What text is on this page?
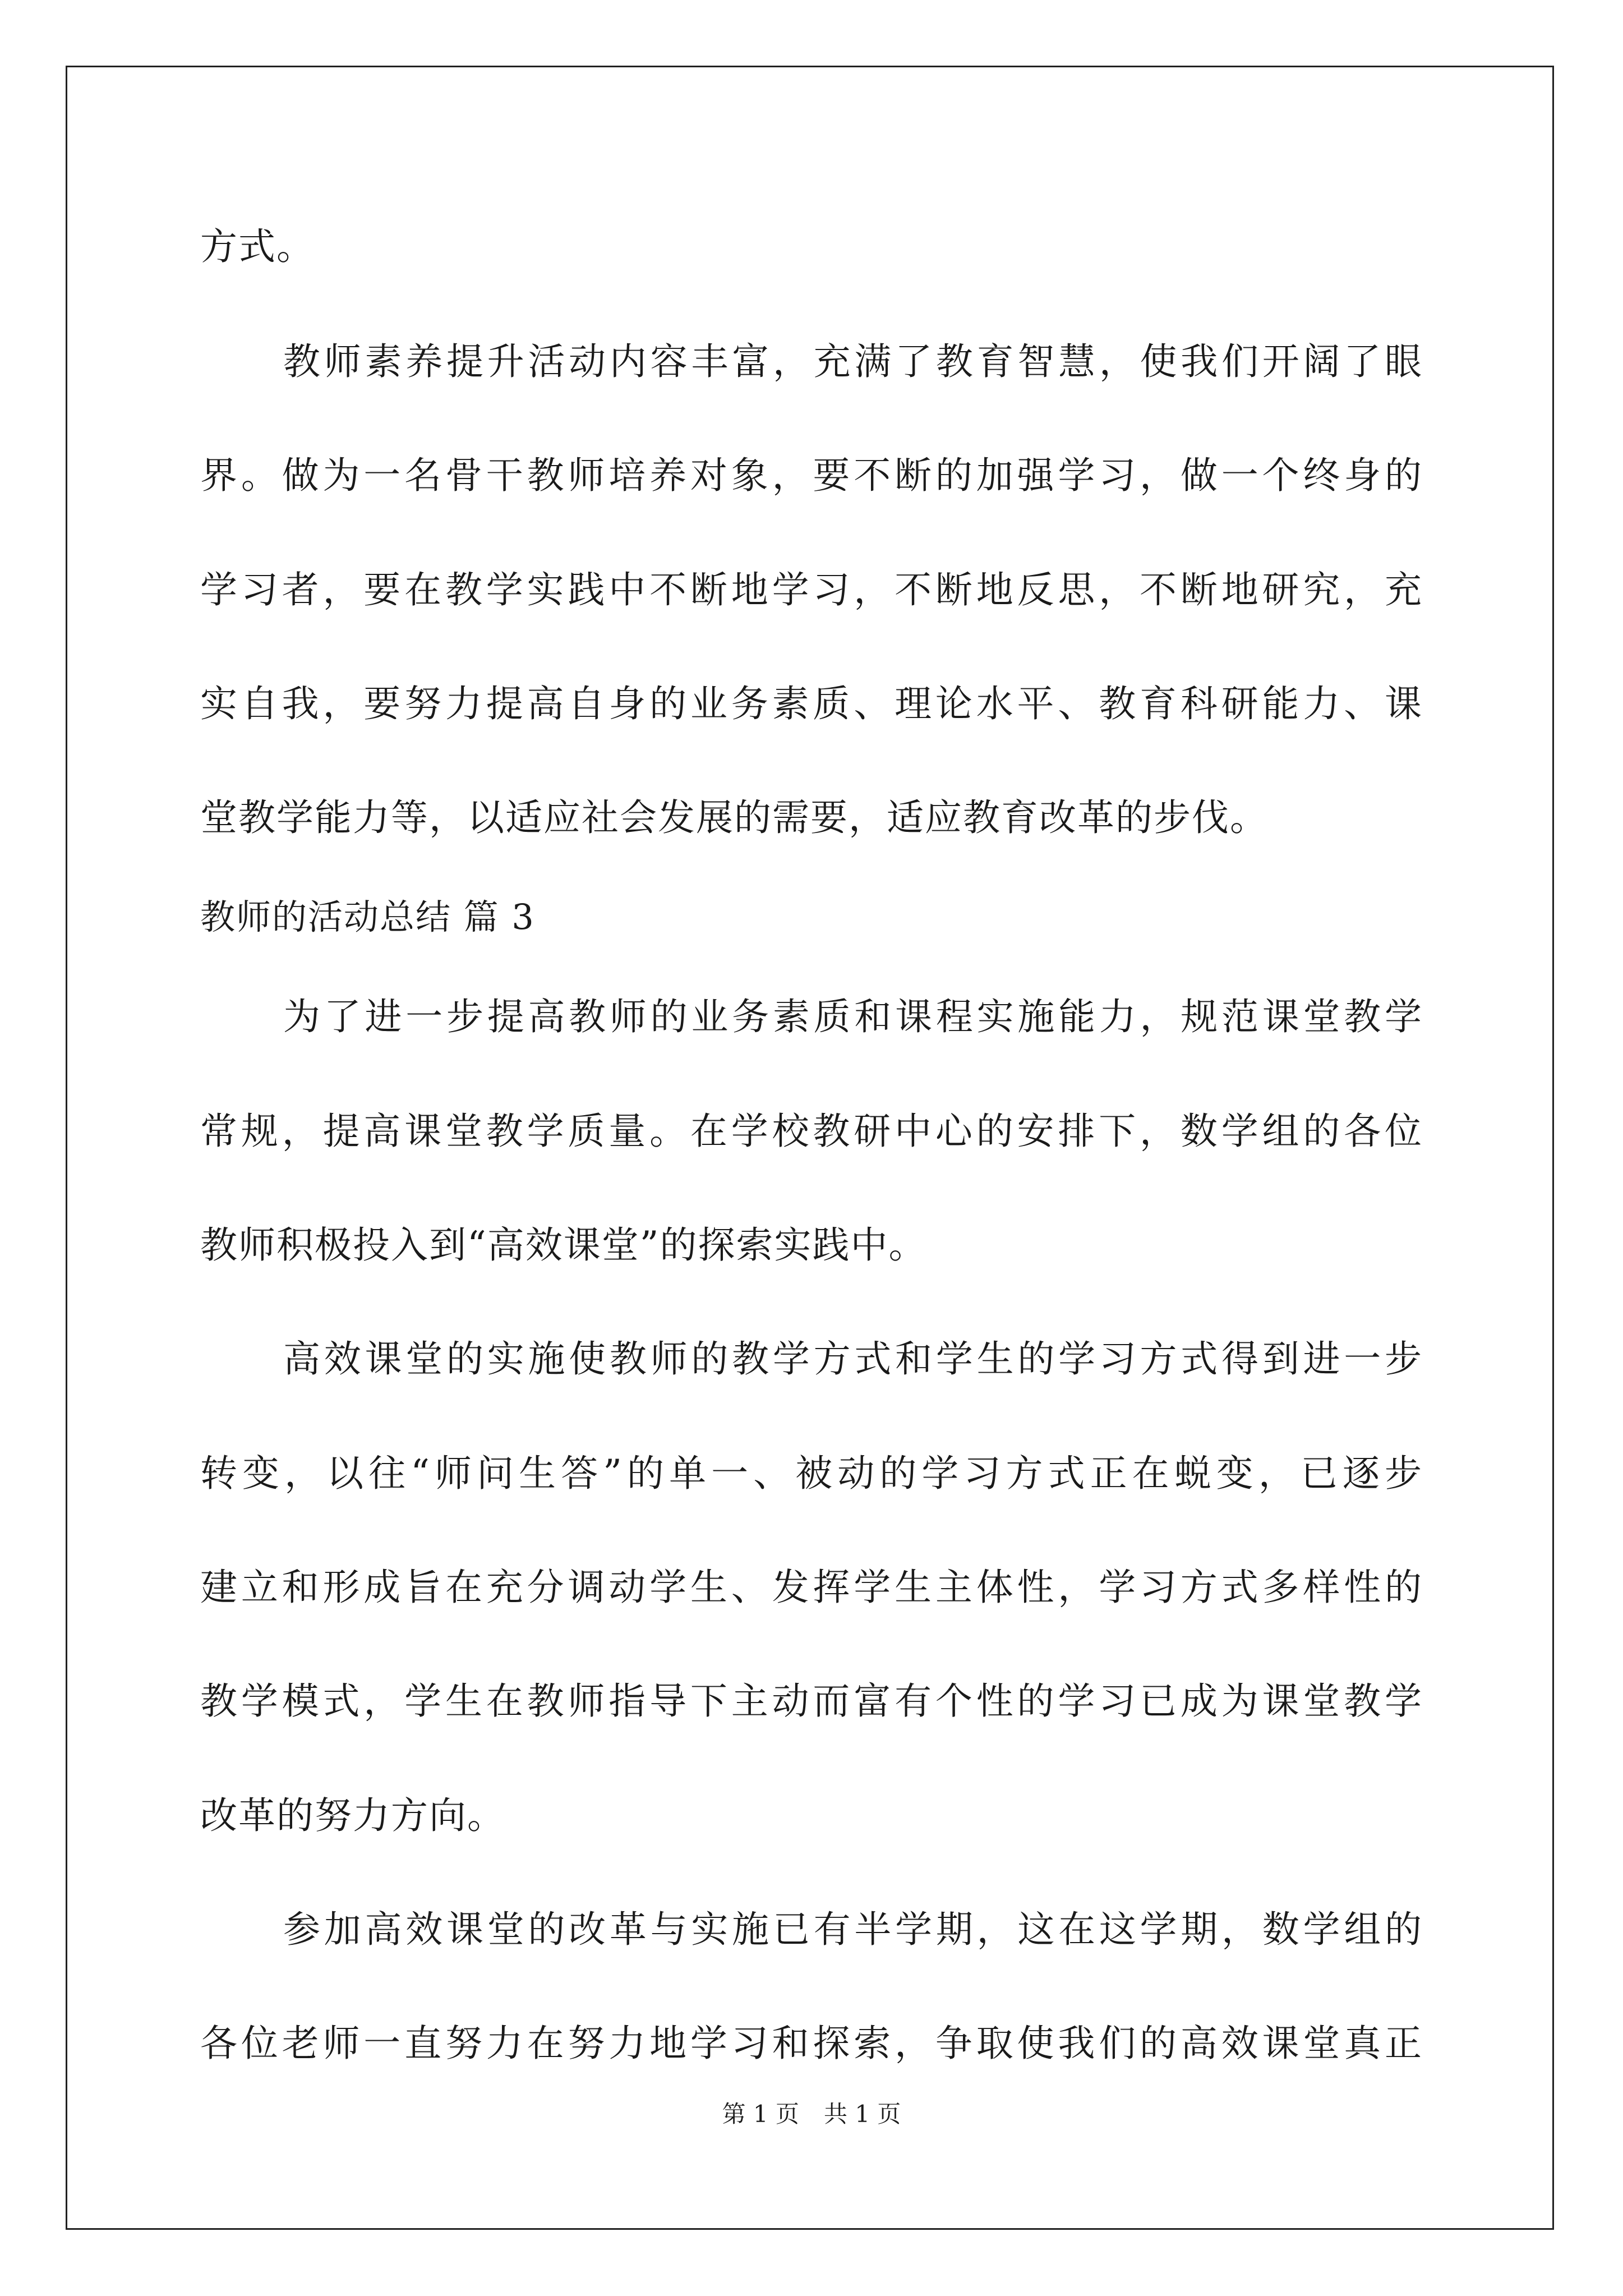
方式。
教师素养提升活动内容丰富，充满了教育智慧，使我们开阔了眼
界。做为一名骨干教师培养对象，要不断的加强学习，做一个终身的
学习者，要在教学实践中不断地学习，不断地反思，不断地研究，充
实自我，要努力提高自身的业务素质、理论水平、教育科研能力、课
堂教学能力等，以适应社会发展的需要，适应教育改革的步伐。
教师的活动总结 篇 3
为了进一步提高教师的业务素质和课程实施能力，规范课堂教学
常规，提高课堂教学质量。在学校教研中心的安排下，数学组的各位
教师积极投入到“高效课堂”的探索实践中。
高效课堂的实施使教师的教学方式和学生的学习方式得到进一步
转变，以往“师问生答”的单一、被动的学习方式正在蜕变，已逐步
建立和形成旨在充分调动学生、发挥学生主体性，学习方式多样性的
教学模式，学生在教师指导下主动而富有个性的学习已成为课堂教学
改革的努力方向。
参加高效课堂的改革与实施已有半学期，这在这学期，数学组的
各位老师一直努力在努力地学习和探索，争取使我们的高效课堂真正
第 1 页 共 1 页
